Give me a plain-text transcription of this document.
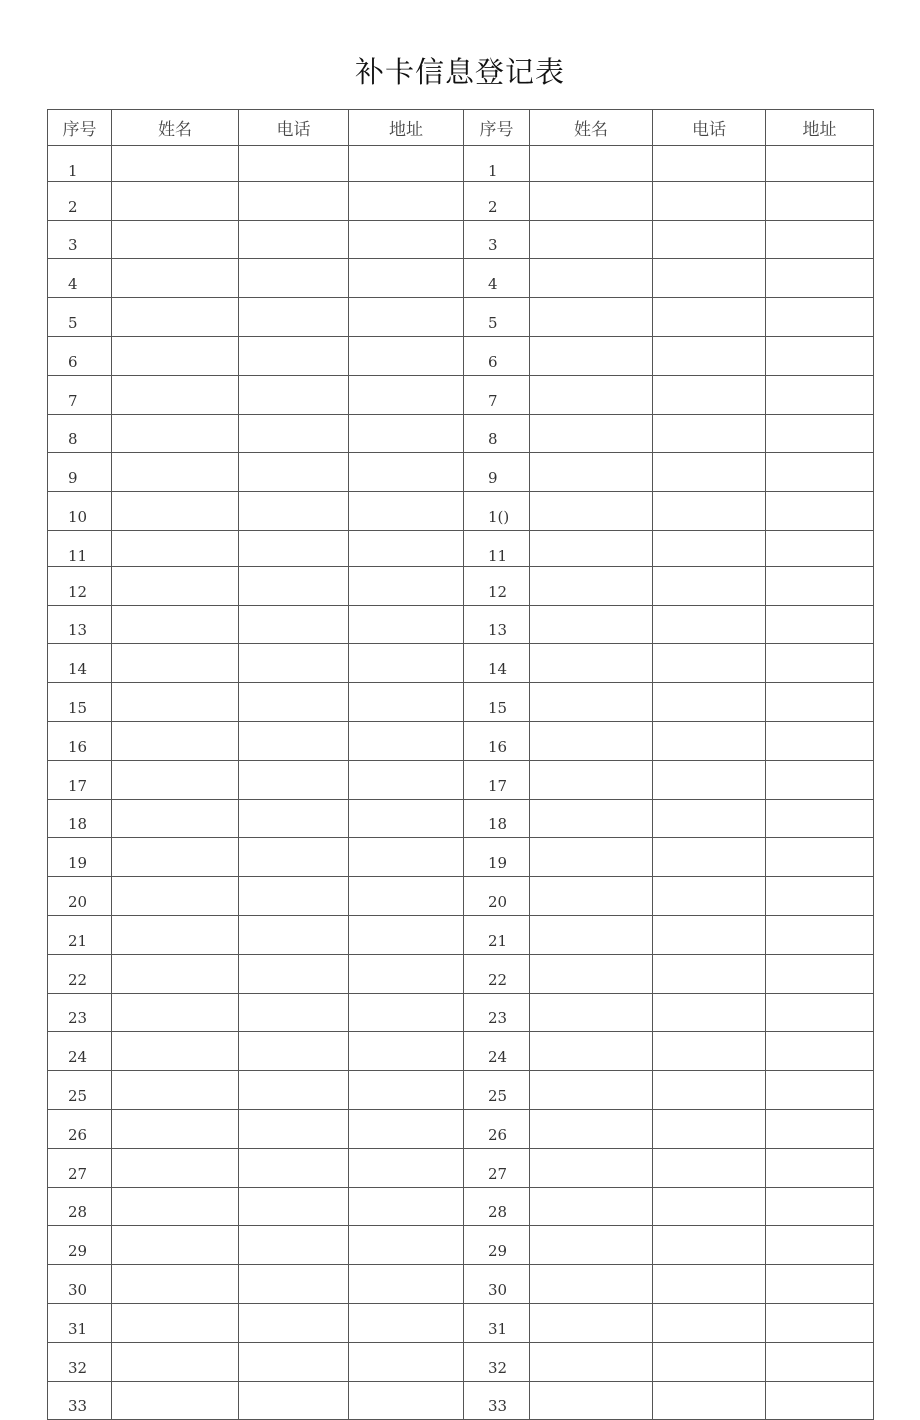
补卡信息登记表
序号	姓名	电话	地址	序号	姓名	电话	地址
1				1			
2				2			
3				3			
4				4			
5				5			
6				6			
7				7			
8				8			
9				9			
10				1()			
11				11			
12				12			
13				13			
14				14			
15				15			
16				16			
17				17			
18				18			
19				19			
20				20			
21				21			
22				22			
23				23			
24				24			
25				25			
26				26			
27				27			
28				28			
29				29			
30				30			
31				31			
32				32			
33				33			
